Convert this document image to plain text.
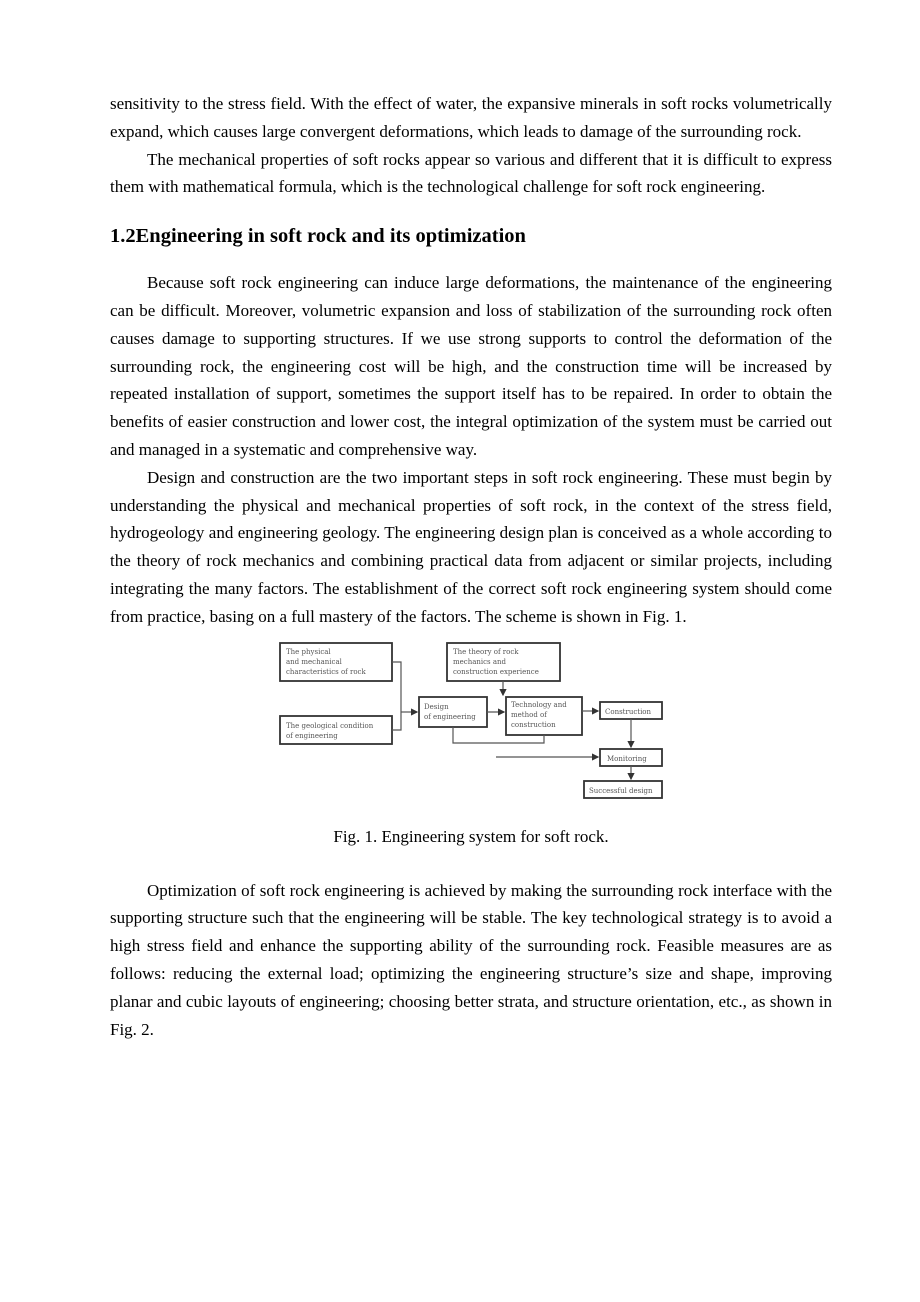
sensitivity to the stress field. With the effect of water, the expansive minerals in soft rocks volumetrically expand, which causes large convergent deformations, which leads to damage of the surrounding rock.

The mechanical properties of soft rocks appear so various and different that it is difficult to express them with mathematical formula, which is the technological challenge for soft rock engineering.

1.2Engineering in soft rock and its optimization

Because soft rock engineering can induce large deformations, the maintenance of the engineering can be difficult. Moreover, volumetric expansion and loss of stabilization of the surrounding rock often causes damage to supporting structures. If we use strong supports to control the deformation of the surrounding rock, the engineering cost will be high, and the construction time will be increased by repeated installation of support, sometimes the support itself has to be repaired. In order to obtain the benefits of easier construction and lower cost, the integral optimization of the system must be carried out and managed in a systematic and comprehensive way.

Design and construction are the two important steps in soft rock engineering. These must begin by understanding the physical and mechanical properties of soft rock, in the context of the stress field, hydrogeology and engineering geology. The engineering design plan is conceived as a whole according to the theory of rock mechanics and combining practical data from adjacent or similar projects, including integrating the many factors. The establishment of the correct soft rock engineering system should come from practice, basing on a full mastery of the factors. The scheme is shown in Fig. 1.

The physical
and mechanical
characteristics of rock
The theory of rock
mechanics and
construction experience
The geological condition
of engineering
Design
of engineering
Technology and
method of
construction
Construction
Monitoring
Successful design

Fig. 1. Engineering system for soft rock.

Optimization of soft rock engineering is achieved by making the surrounding rock interface with the supporting structure such that the engineering will be stable. The key technological strategy is to avoid a high stress field and enhance the supporting ability of the surrounding rock. Feasible measures are as follows: reducing the external load; optimizing the engineering structure’s size and shape, improving planar and cubic layouts of engineering; choosing better strata, and structure orientation, etc., as shown in Fig. 2.
